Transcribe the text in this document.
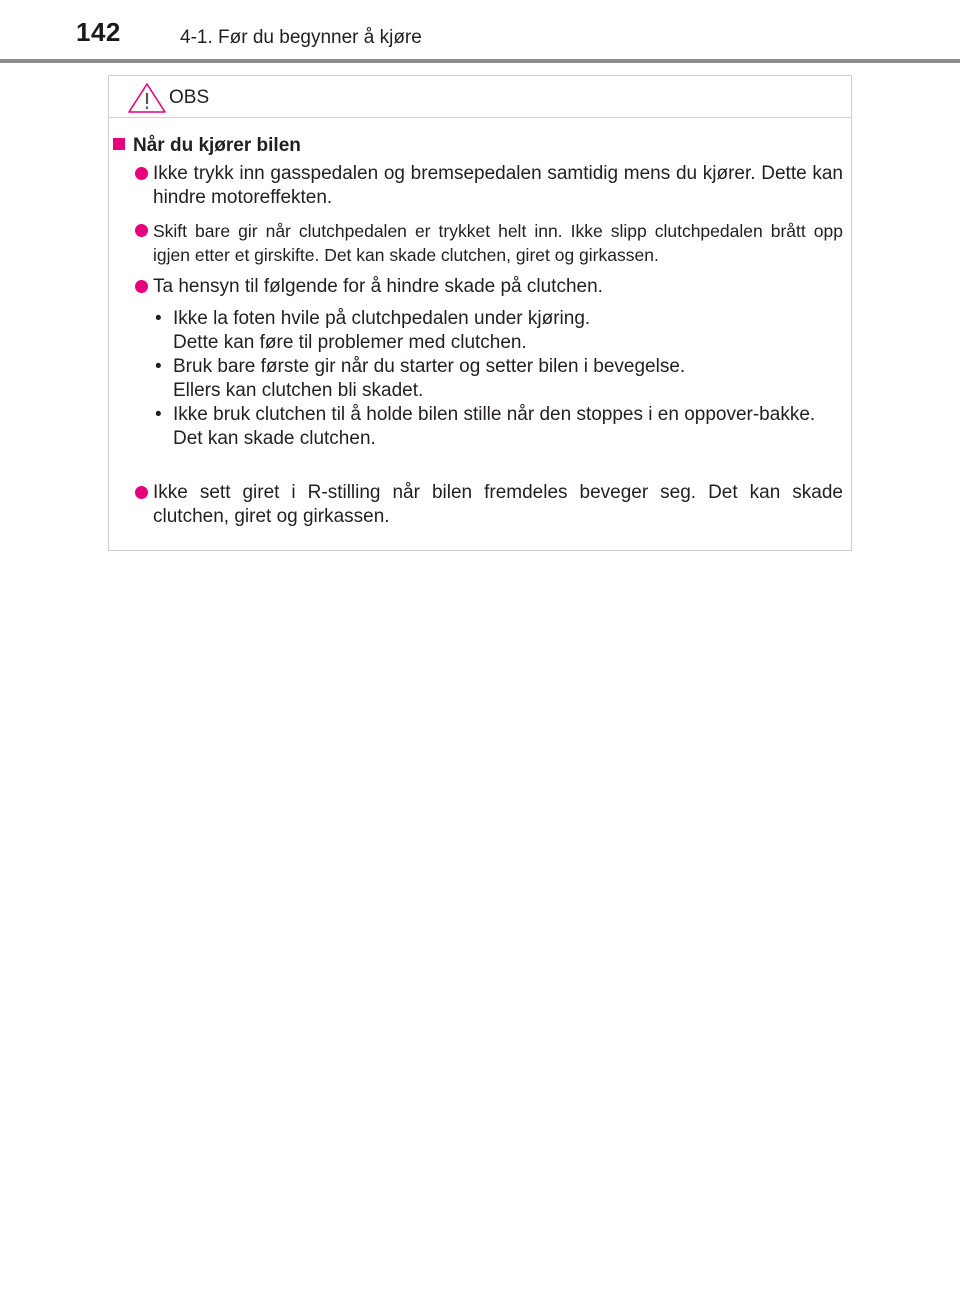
142	4-1. Før du begynner å kjøre
OBS
Når du kjører bilen
Ikke trykk inn gasspedalen og bremsepedalen samtidig mens du kjører. Dette kan hindre motoreffekten.
Skift bare gir når clutchpedalen er trykket helt inn. Ikke slipp clutchpedalen brått opp igjen etter et girskifte. Det kan skade clutchen, giret og girkassen.
Ta hensyn til følgende for å hindre skade på clutchen.
• Ikke la foten hvile på clutchpedalen under kjøring.
Dette kan føre til problemer med clutchen.
• Bruk bare første gir når du starter og setter bilen i bevegelse.
Ellers kan clutchen bli skadet.
• Ikke bruk clutchen til å holde bilen stille når den stoppes i en oppover-bakke.
Det kan skade clutchen.
Ikke sett giret i R-stilling når bilen fremdeles beveger seg. Det kan skade clutchen, giret og girkassen.
